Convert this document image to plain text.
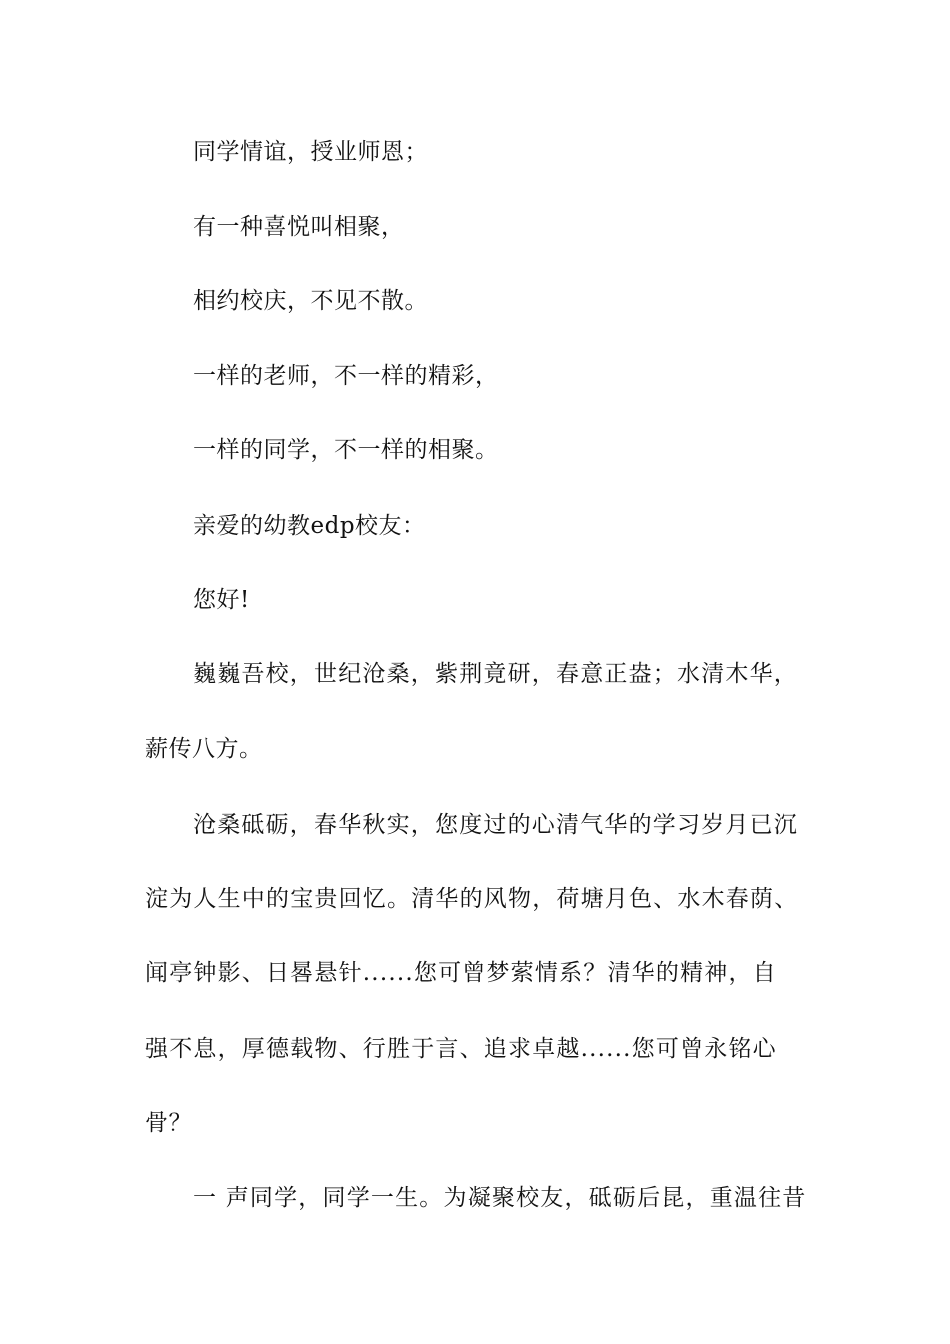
同学情谊，授业师恩；
有一种喜悦叫相聚，
相约校庆，不见不散。
一样的老师，不一样的精彩，
一样的同学，不一样的相聚。
亲爱的幼教edp校友：
您好!
巍巍吾校，世纪沧桑，紫荆竟研，春意正盎；水清木华，
薪传八方。
沧桑砥砺，春华秋实，您度过的心清气华的学习岁月已沉
淀为人生中的宝贵回忆。清华的风物，荷塘月色、水木春荫、
闻亭钟影、日晷悬针......您可曾梦萦情系？清华的精神，自
强不息，厚德载物、行胜于言、追求卓越......您可曾永铭心
骨？
一 声同学，同学一生。为凝聚校友，砥砺后昆，重温往昔
